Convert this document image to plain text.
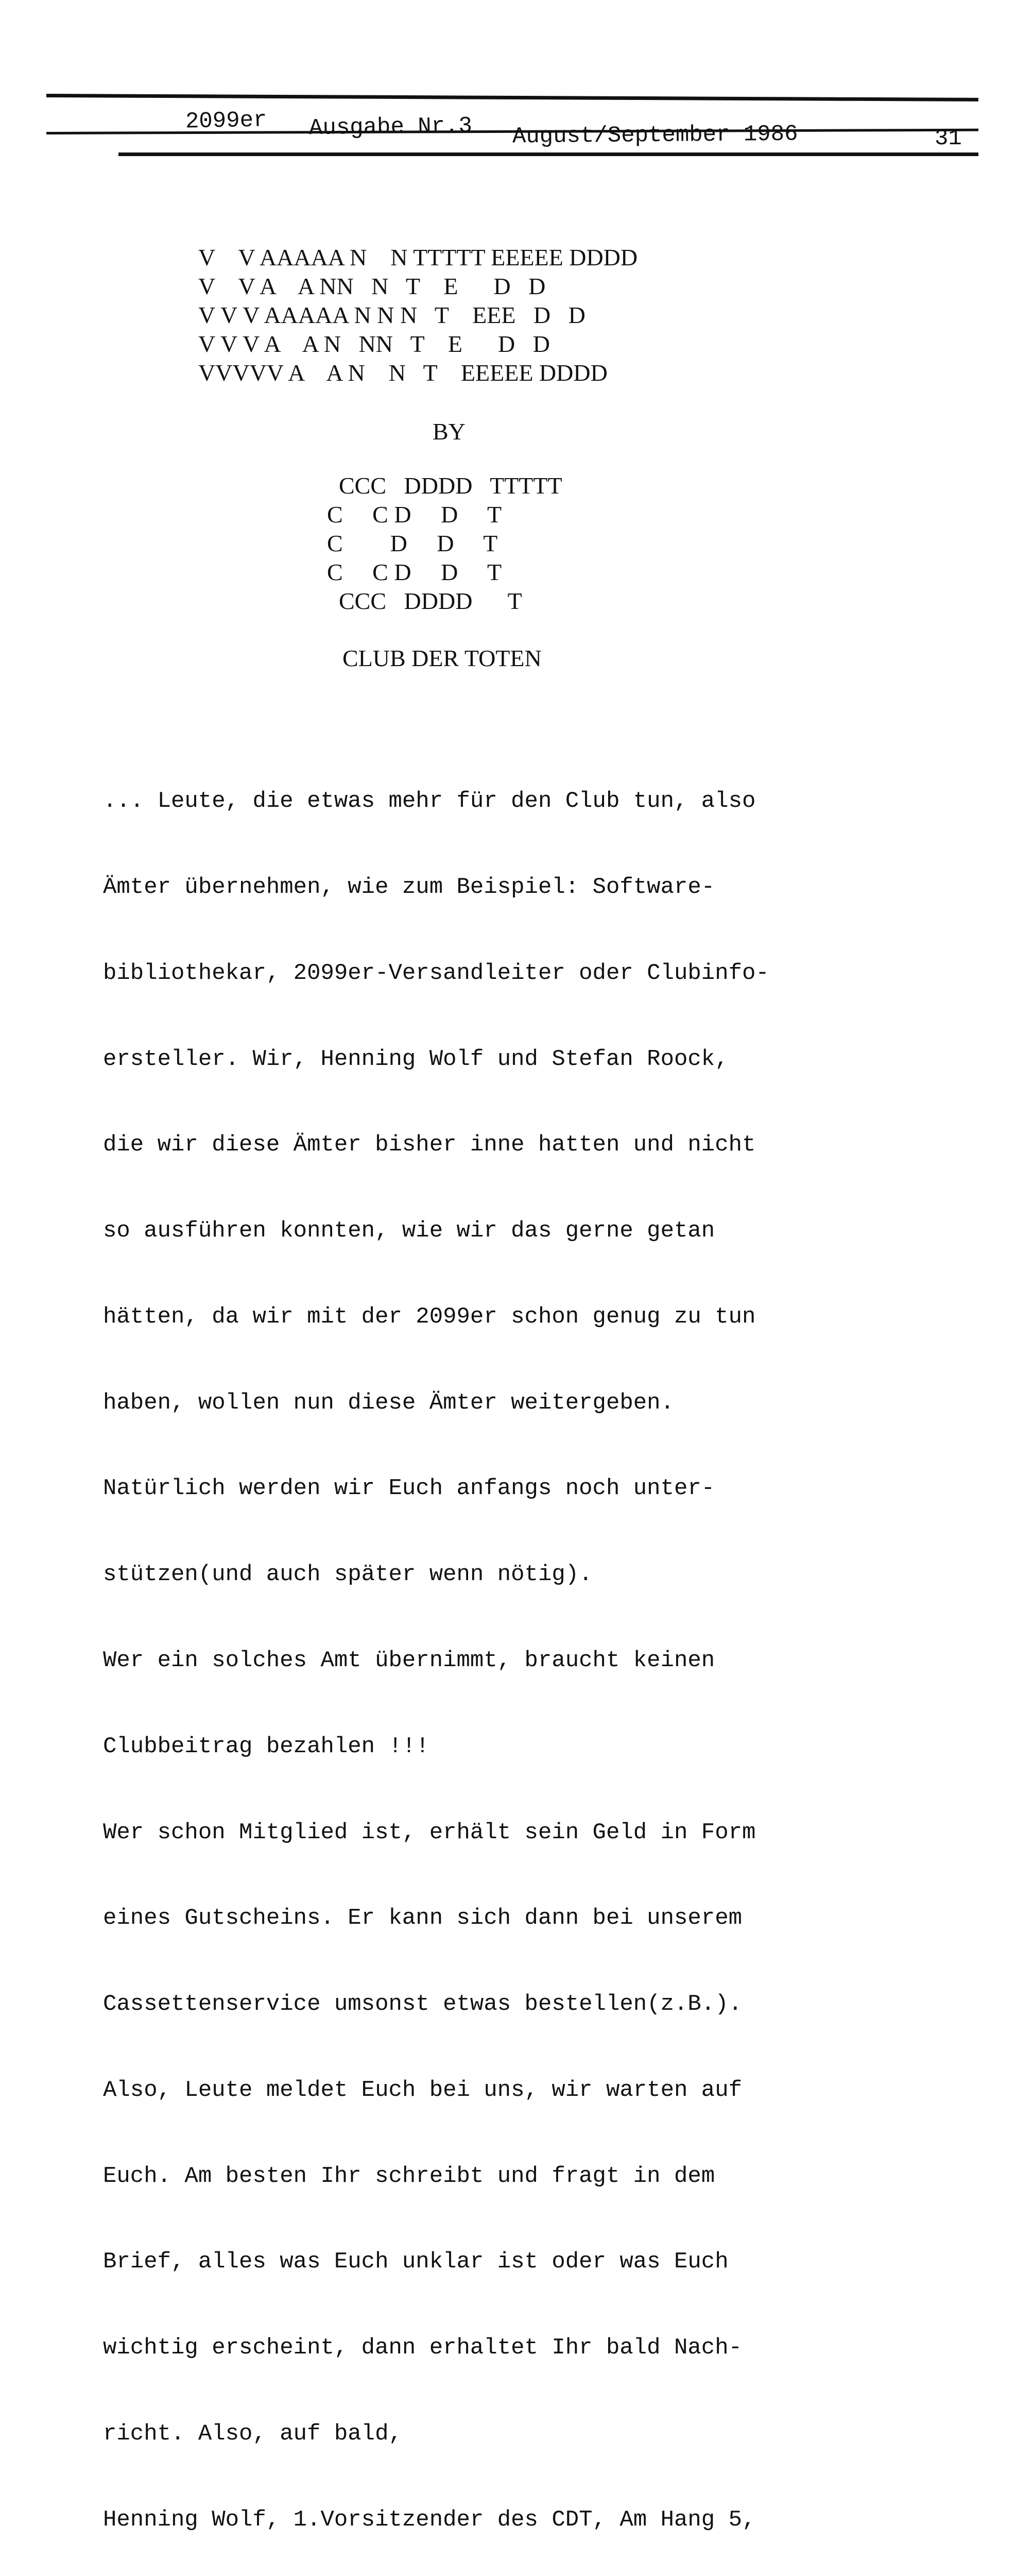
2099er Ausgabe Nr.3 August/September 1986	31
V    V AAAAA N    N TTTTT EEEEE DDDD
V    V A    A NN   N   T    E      D   D
V V V AAAAA N N N   T    EEE   D   D
V V V A    A N   NN   T    E      D   D
VVVVV A    A N    N   T    EEEEE DDDD
BY
CCC   DDDD   TTTTT
C     C D     D     T
C        D     D     T
C     C D     D     T
CCC   DDDD      T
CLUB DER TOTEN

... Leute, die etwas mehr für den Club tun, also

Ämter übernehmen, wie zum Beispiel: Software-

bibliothekar, 2099er-Versandleiter oder Clubinfo-

ersteller. Wir, Henning Wolf und Stefan Roock,

die wir diese Ämter bisher inne hatten und nicht

so ausführen konnten, wie wir das gerne getan

hätten, da wir mit der 2099er schon genug zu tun

haben, wollen nun diese Ämter weitergeben.

Natürlich werden wir Euch anfangs noch unter-

stützen(und auch später wenn nötig).

Wer ein solches Amt übernimmt, braucht keinen

Clubbeitrag bezahlen !!!

Wer schon Mitglied ist, erhält sein Geld in Form

eines Gutscheins. Er kann sich dann bei unserem

Cassettenservice umsonst etwas bestellen(z.B.).

Also, Leute meldet Euch bei uns, wir warten auf

Euch. Am besten Ihr schreibt und fragt in dem

Brief, alles was Euch unklar ist oder was Euch

wichtig erscheint, dann erhaltet Ihr bald Nach-

richt. Also, auf bald,

Henning Wolf, 1.Vorsitzender des CDT, Am Hang 5,
